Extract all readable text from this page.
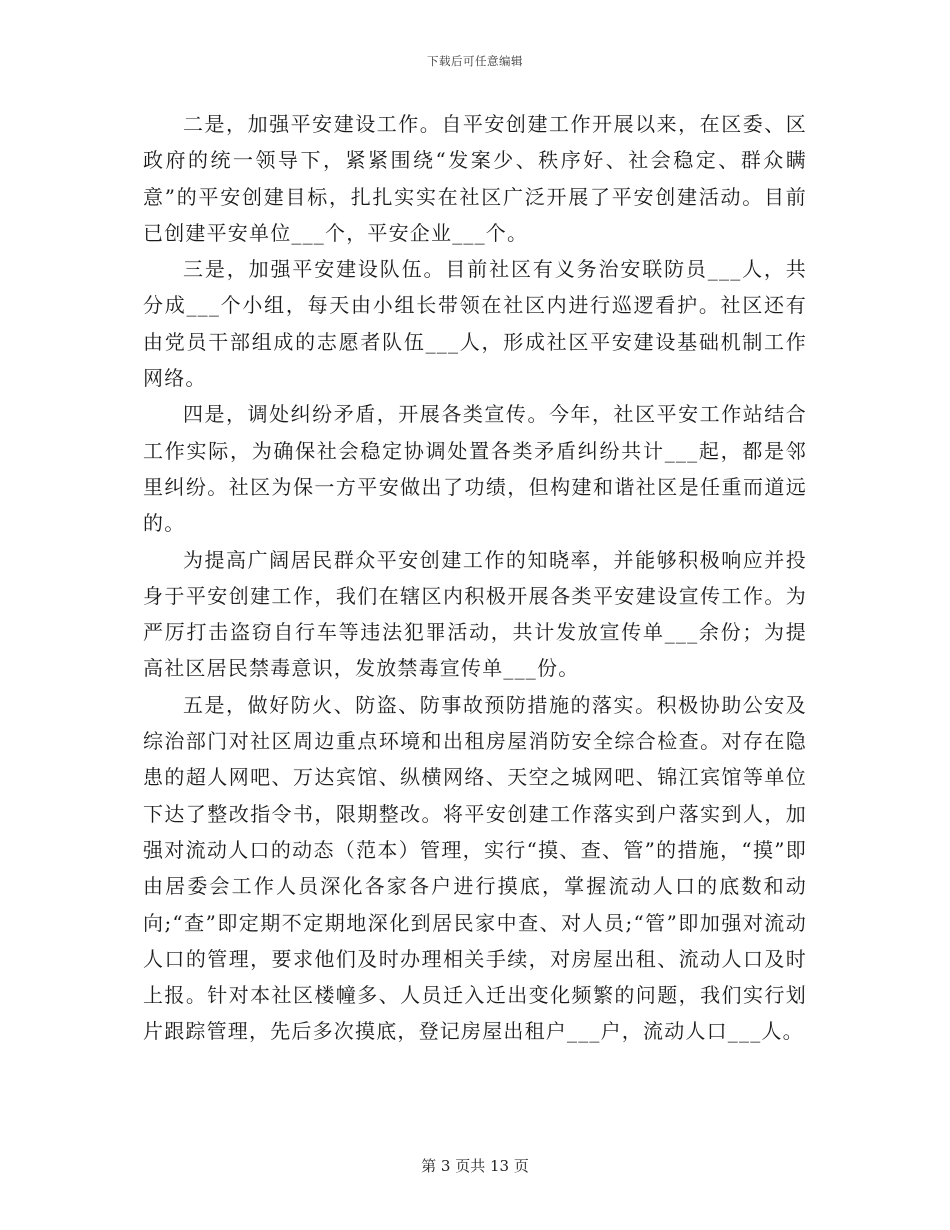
下载后可任意编辑

二是，加强平安建设工作。自平安创建工作开展以来，在区委、区政府的统一领导下，紧紧围绕“发案少、秩序好、社会稳定、群众瞒意”的平安创建目标，扎扎实实在社区广泛开展了平安创建活动。目前已创建平安单位___个，平安企业___个。

三是，加强平安建设队伍。目前社区有义务治安联防员___人，共分成___个小组，每天由小组长带领在社区内进行巡逻看护。社区还有由党员干部组成的志愿者队伍___人，形成社区平安建设基础机制工作网络。

四是，调处纠纷矛盾，开展各类宣传。今年，社区平安工作站结合工作实际，为确保社会稳定协调处置各类矛盾纠纷共计___起，都是邻里纠纷。社区为保一方平安做出了功绩，但构建和谐社区是任重而道远的。

为提高广阔居民群众平安创建工作的知晓率，并能够积极响应并投身于平安创建工作，我们在辖区内积极开展各类平安建设宣传工作。为严厉打击盗窃自行车等违法犯罪活动，共计发放宣传单___余份；为提高社区居民禁毒意识，发放禁毒宣传单___份。

五是，做好防火、防盗、防事故预防措施的落实。积极协助公安及综治部门对社区周边重点环境和出租房屋消防安全综合检查。对存在隐患的超人网吧、万达宾馆、纵横网络、天空之城网吧、锦江宾馆等单位下达了整改指令书，限期整改。将平安创建工作落实到户落实到人，加强对流动人口的动态（范本）管理，实行“摸、查、管”的措施，“摸”即由居委会工作人员深化各家各户进行摸底，掌握流动人口的底数和动向;“查”即定期不定期地深化到居民家中查、对人员;“管”即加强对流动人口的管理，要求他们及时办理相关手续，对房屋出租、流动人口及时上报。针对本社区楼幢多、人员迁入迁出变化频繁的问题，我们实行划片跟踪管理，先后多次摸底，登记房屋出租户___户，流动人口___人。

第 3 页共 13 页
